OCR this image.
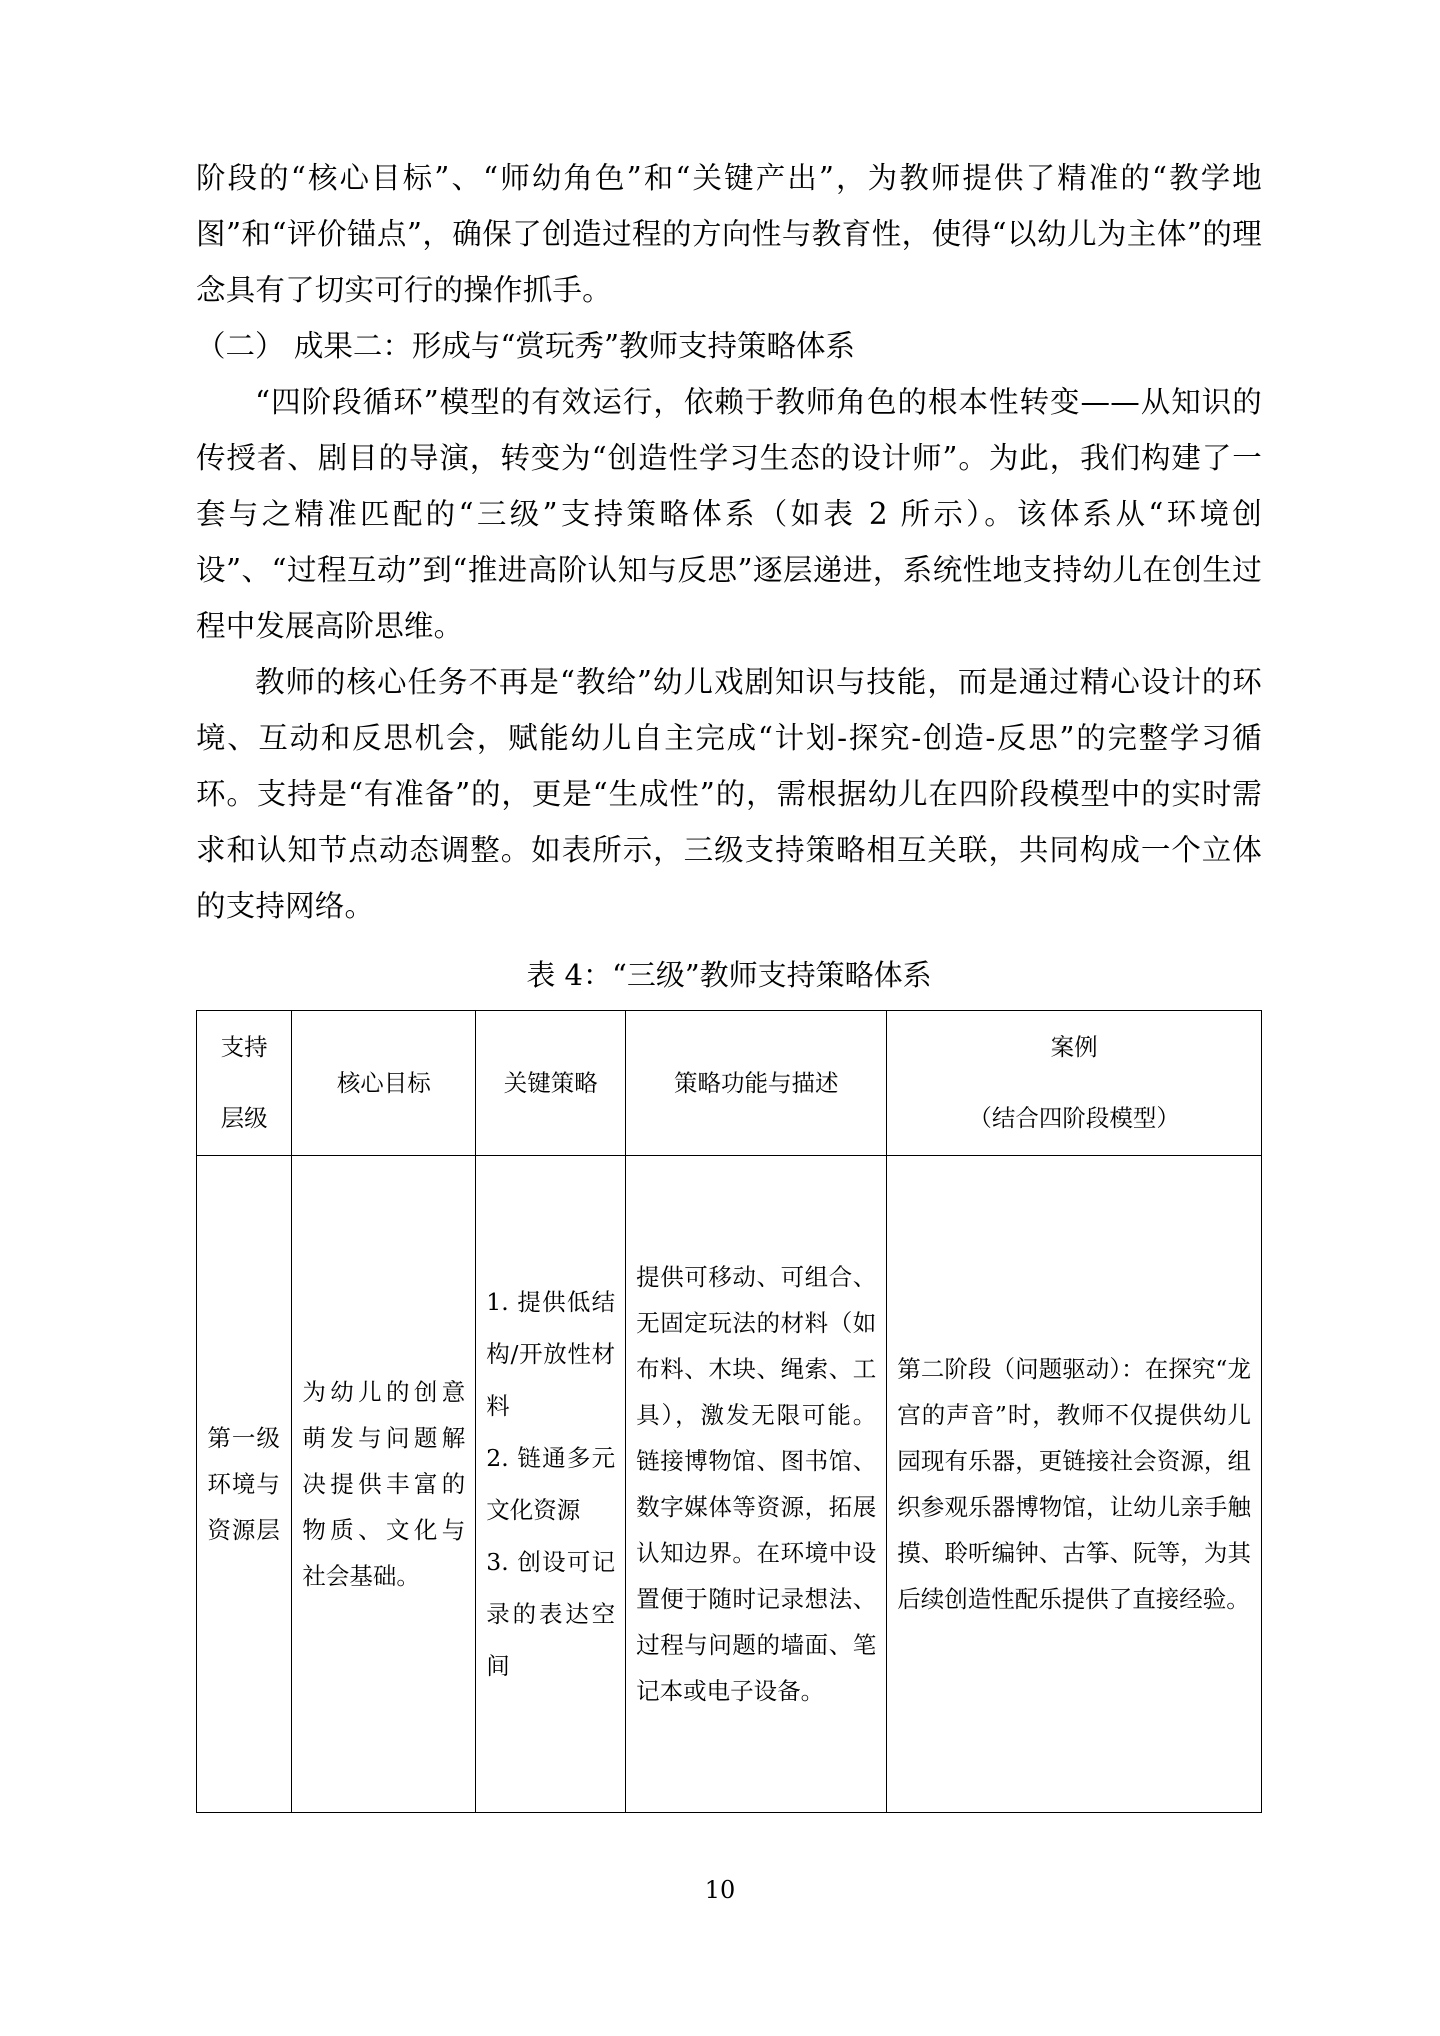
阶段的“核心目标”、“师幼角色”和“关键产出”，为教师提供了精准的“教学地图”和“评价锚点”，确保了创造过程的方向性与教育性，使得“以幼儿为主体”的理念具有了切实可行的操作抓手。

（二） 成果二：形成与“赏玩秀”教师支持策略体系

“四阶段循环”模型的有效运行，依赖于教师角色的根本性转变——从知识的传授者、剧目的导演，转变为“创造性学习生态的设计师”。为此，我们构建了一套与之精准匹配的“三级”支持策略体系（如表 2 所示）。该体系从“环境创设”、“过程互动”到“推进高阶认知与反思”逐层递进，系统性地支持幼儿在创生过程中发展高阶思维。

教师的核心任务不再是“教给”幼儿戏剧知识与技能，而是通过精心设计的环境、互动和反思机会，赋能幼儿自主完成“计划-探究-创造-反思”的完整学习循环。支持是“有准备”的，更是“生成性”的，需根据幼儿在四阶段模型中的实时需求和认知节点动态调整。如表所示，三级支持策略相互关联，共同构成一个立体的支持网络。

表 4：“三级”教师支持策略体系
支持
层级	核心目标	关键策略	策略功能与描述	案例
（结合四阶段模型）

第一级 环境与资源层	为幼儿的创意萌发与问题解决提供丰富的物质、文化与社会基础。	1. 提供低结构/开放性材料
2. 链通多元文化资源
3. 创设可记录的表达空间	提供可移动、可组合、无固定玩法的材料（如布料、木块、绳索、工具），激发无限可能。链接博物馆、图书馆、数字媒体等资源，拓展认知边界。在环境中设置便于随时记录想法、过程与问题的墙面、笔记本或电子设备。	第二阶段（问题驱动）：在探究“龙宫的声音”时，教师不仅提供幼儿园现有乐器，更链接社会资源，组织参观乐器博物馆，让幼儿亲手触摸、聆听编钟、古筝、阮等，为其后续创造性配乐提供了直接经验。
10
